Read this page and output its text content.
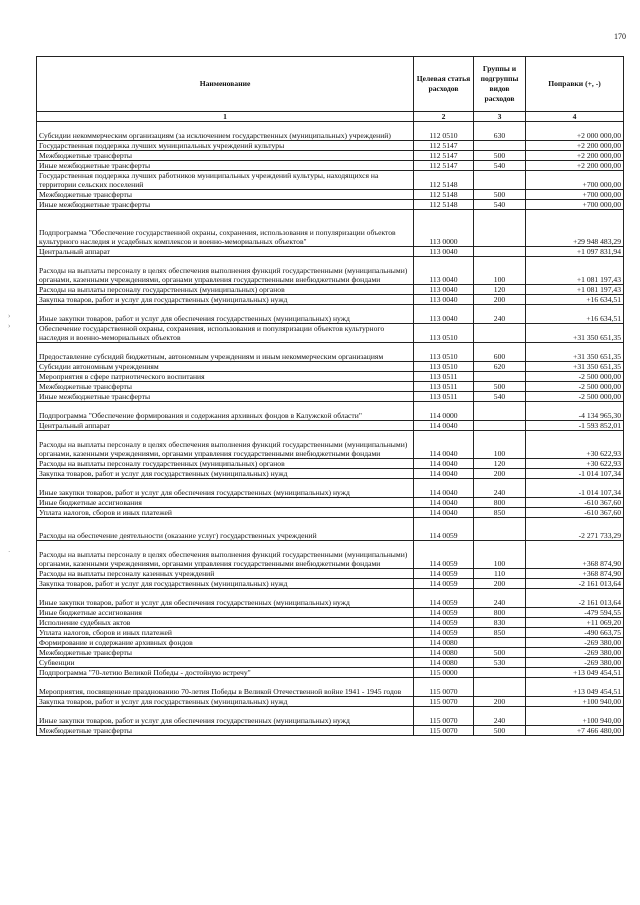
170
Наименование	Целевая статья расходов	Группы и подгруппы видов расходов	Поправки (+, -)
1	2	3	4
Субсидии некоммерческим организациям (за исключением государственных (муниципальных) учреждений)	112 0510	630	+2 000 000,00
Государственная поддержка лучших муниципальных учреждений культуры	112 5147		+2 200 000,00
Межбюджетные трансферты	112 5147	500	+2 200 000,00
Иные межбюджетные трансферты	112 5147	540	+2 200 000,00
Государственная поддержка лучших работников муниципальных учреждений культуры, находящихся на территории сельских поселений	112 5148		+700 000,00
Межбюджетные трансферты	112 5148	500	+700 000,00
Иные межбюджетные трансферты	112 5148	540	+700 000,00
Подпрограмма "Обеспечение государственной охраны, сохранения, использования и популяризации объектов культурного наследия и усадебных комплексов и военно-мемориальных объектов"	113 0000		+29 948 483,29
Центральный аппарат	113 0040		+1 097 831,94
Расходы на выплаты персоналу в целях обеспечения выполнения функций государственными (муниципальными) органами, казенными учреждениями, органами управления государственными внебюджетными фондами	113 0040	100	+1 081 197,43
Расходы на выплаты персоналу государственных (муниципальных) органов	113 0040	120	+1 081 197,43
Закупка товаров, работ и услуг для государственных (муниципальных) нужд	113 0040	200	+16 634,51
Иные закупки товаров, работ и услуг для обеспечения государственных (муниципальных) нужд	113 0040	240	+16 634,51
Обеспечение государственной охраны, сохранения, использования и популяризации объектов культурного наследия и военно-мемориальных объектов	113 0510		+31 350 651,35
Предоставление субсидий бюджетным, автономным учреждениям и иным некоммерческим организациям	113 0510	600	+31 350 651,35
Субсидии автономным учреждениям	113 0510	620	+31 350 651,35
Мероприятия в сфере патриотического воспитания	113 0511		-2 500 000,00
Межбюджетные трансферты	113 0511	500	-2 500 000,00
Иные межбюджетные трансферты	113 0511	540	-2 500 000,00
Подпрограмма "Обеспечение формирования и содержания архивных фондов в Калужской области"	114 0000		-4 134 965,30
Центральный аппарат	114 0040		-1 593 852,01
Расходы на выплаты персоналу в целях обеспечения выполнения функций государственными (муниципальными) органами, казенными учреждениями, органами управления государственными внебюджетными фондами	114 0040	100	+30 622,93
Расходы на выплаты персоналу государственных (муниципальных) органов	114 0040	120	+30 622,93
Закупка товаров, работ и услуг для государственных (муниципальных) нужд	114 0040	200	-1 014 107,34
Иные закупки товаров, работ и услуг для обеспечения государственных (муниципальных) нужд	114 0040	240	-1 014 107,34
Иные бюджетные ассигнования	114 0040	800	-610 367,60
Уплата налогов, сборов и иных платежей	114 0040	850	-610 367,60
Расходы на обеспечение деятельности (оказание услуг) государственных учреждений	114 0059		-2 271 733,29
Расходы на выплаты персоналу в целях обеспечения выполнения функций государственными (муниципальными) органами, казенными учреждениями, органами управления государственными внебюджетными фондами	114 0059	100	+368 874,90
Расходы на выплаты персоналу казенных учреждений	114 0059	110	+368 874,90
Закупка товаров, работ и услуг для государственных (муниципальных) нужд	114 0059	200	-2 161 013,64
Иные закупки товаров, работ и услуг для обеспечения государственных (муниципальных) нужд	114 0059	240	-2 161 013,64
Иные бюджетные ассигнования	114 0059	800	-479 594,55
Исполнение судебных актов	114 0059	830	+11 069,20
Уплата налогов, сборов и иных платежей	114 0059	850	-490 663,75
Формирование и содержание архивных фондов	114 0080		-269 380,00
Межбюджетные трансферты	114 0080	500	-269 380,00
Субвенции	114 0080	530	-269 380,00
Подпрограмма "70-летию Великой Победы - достойную встречу"	115 0000		+13 049 454,51
Мероприятия, посвященные празднованию 70-летия Победы в Великой Отечественной войне 1941 - 1945 годов	115 0070		+13 049 454,51
Закупка товаров, работ и услуг для государственных (муниципальных) нужд	115 0070	200	+100 940,00
Иные закупки товаров, работ и услуг для обеспечения государственных (муниципальных) нужд	115 0070	240	+100 940,00
Межбюджетные трансферты	115 0070	500	+7 466 480,00
›
›
·
